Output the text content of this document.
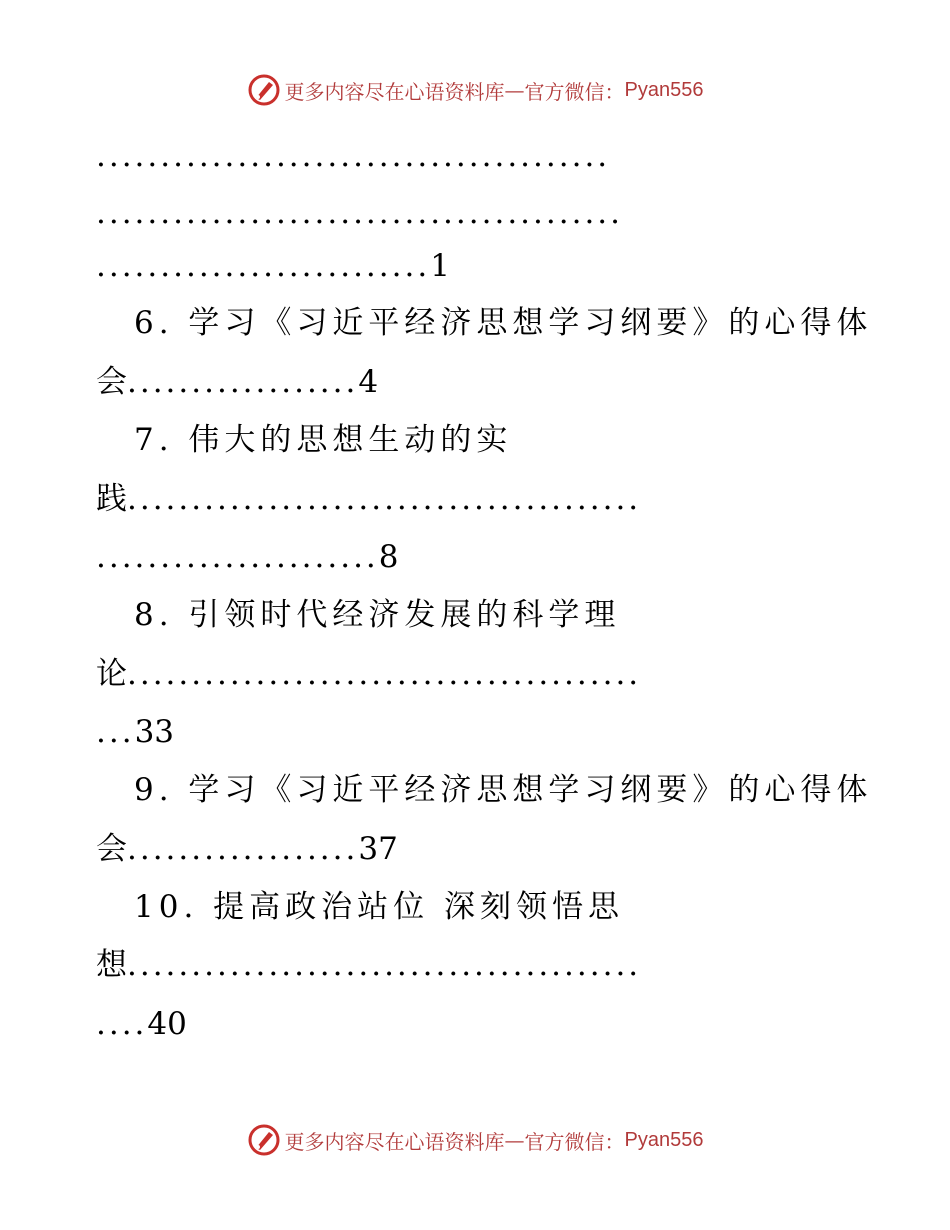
更多内容尽在心语资料库 — 官方微信： Pyan556
........................................
.........................................
..........................1
6. 学习《习近平经济思想学习纲要》的心得体
会..................4
7. 伟大的思想生动的实
践........................................
......................8
8. 引领时代经济发展的科学理
论........................................
...33
9. 学习《习近平经济思想学习纲要》的心得体
会..................37
10. 提高政治站位 深刻领悟思
想........................................
....40
更多内容尽在心语资料库 — 官方微信： Pyan556
